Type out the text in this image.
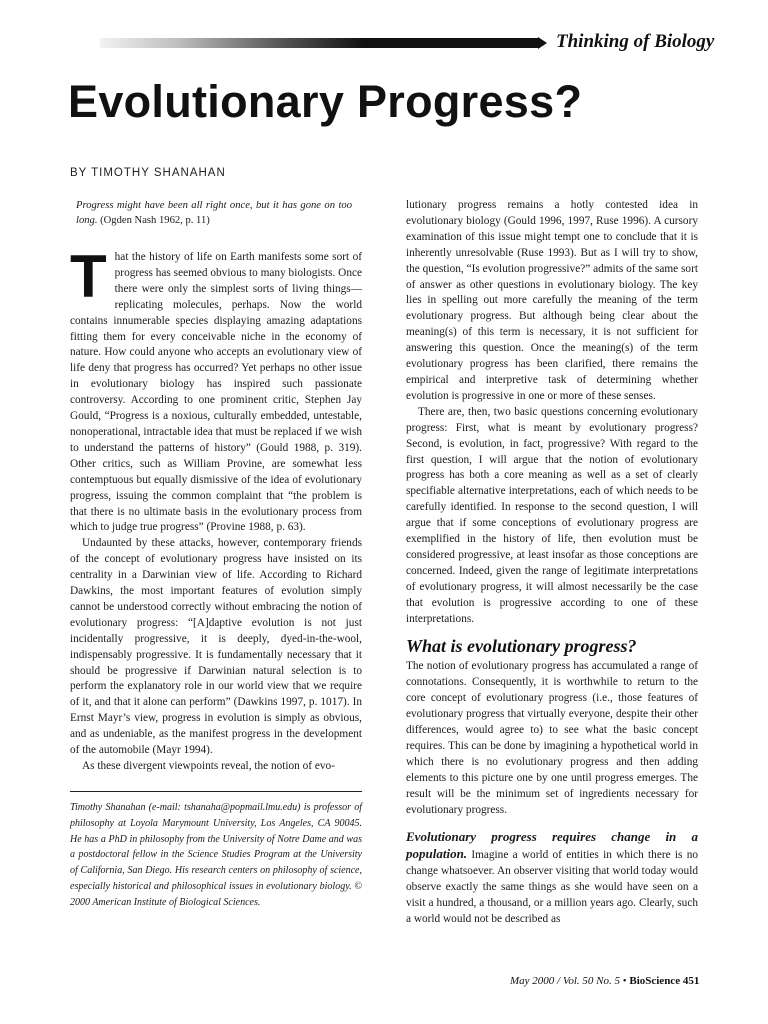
Thinking of Biology
Evolutionary Progress?
BY TIMOTHY SHANAHAN

Progress might have been all right once, but it has gone on too long. (Ogden Nash 1962, p. 11)

That the history of life on Earth manifests some sort of progress has seemed obvious to many biologists. Once there were only the simplest sorts of living things—replicating molecules, perhaps. Now the world contains innumerable species displaying amazing adaptations fitting them for every conceivable niche in the economy of nature. How could anyone who accepts an evolutionary view of life deny that progress has occurred? Yet perhaps no other issue in evolutionary biology has inspired such passionate controversy. According to one prominent critic, Stephen Jay Gould, “Progress is a noxious, culturally embedded, untestable, nonoperational, intractable idea that must be replaced if we wish to understand the patterns of history” (Gould 1988, p. 319). Other critics, such as William Provine, are somewhat less contemptuous but equally dismissive of the idea of evolutionary progress, issuing the common complaint that “the problem is that there is no ultimate basis in the evolutionary process from which to judge true progress” (Provine 1988, p. 63).

Undaunted by these attacks, however, contemporary friends of the concept of evolutionary progress have insisted on its centrality in a Darwinian view of life. According to Richard Dawkins, the most important features of evolution simply cannot be understood correctly without embracing the notion of evolutionary progress: “[A]daptive evolution is not just incidentally progressive, it is deeply, dyed-in-the-wool, indispensably progressive. It is fundamentally necessary that it should be progressive if Darwinian natural selection is to perform the explanatory role in our world view that we require of it, and that it alone can perform” (Dawkins 1997, p. 1017). In Ernst Mayr’s view, progress in evolution is simply as obvious, and as undeniable, as the manifest progress in the development of the automobile (Mayr 1994).

As these divergent viewpoints reveal, the notion of evo-

Timothy Shanahan (e-mail: tshanaha@popmail.lmu.edu) is professor of philosophy at Loyola Marymount University, Los Angeles, CA 90045. He has a PhD in philosophy from the University of Notre Dame and was a postdoctoral fellow in the Science Studies Program at the University of California, San Diego. His research centers on philosophy of science, especially historical and philosophical issues in evolutionary biology. © 2000 American Institute of Biological Sciences.

lutionary progress remains a hotly contested idea in evolutionary biology (Gould 1996, 1997, Ruse 1996). A cursory examination of this issue might tempt one to conclude that it is inherently unresolvable (Ruse 1993). But as I will try to show, the question, “Is evolution progressive?” admits of the same sort of answer as other questions in evolutionary biology. The key lies in spelling out more carefully the meaning of the term evolutionary progress. But although being clear about the meaning(s) of this term is necessary, it is not sufficient for answering this question. Once the meaning(s) of the term evolutionary progress has been clarified, there remains the empirical and interpretive task of determining whether evolution is progressive in one or more of these senses.

There are, then, two basic questions concerning evolutionary progress: First, what is meant by evolutionary progress? Second, is evolution, in fact, progressive? With regard to the first question, I will argue that the notion of evolutionary progress has both a core meaning as well as a set of clearly specifiable alternative interpretations, each of which needs to be carefully identified. In response to the second question, I will argue that if some conceptions of evolutionary progress are exemplified in the history of life, then evolution must be considered progressive, at least insofar as those conceptions are concerned. Indeed, given the range of legitimate interpretations of evolutionary progress, it will almost necessarily be the case that evolution is progressive according to one of these interpretations.

What is evolutionary progress?

The notion of evolutionary progress has accumulated a range of connotations. Consequently, it is worthwhile to return to the core concept of evolutionary progress (i.e., those features of evolutionary progress that virtually everyone, despite their other differences, would agree to) to see what the basic concept requires. This can be done by imagining a hypothetical world in which there is no evolutionary progress and then adding elements to this picture one by one until progress emerges. The result will be the minimum set of ingredients necessary for evolutionary progress.

Evolutionary progress requires change in a population. Imagine a world of entities in which there is no change whatsoever. An observer visiting that world today would observe exactly the same things as she would have seen on a visit a hundred, a thousand, or a million years ago. Clearly, such a world would not be described as

May 2000 / Vol. 50 No. 5 • BioScience 451
